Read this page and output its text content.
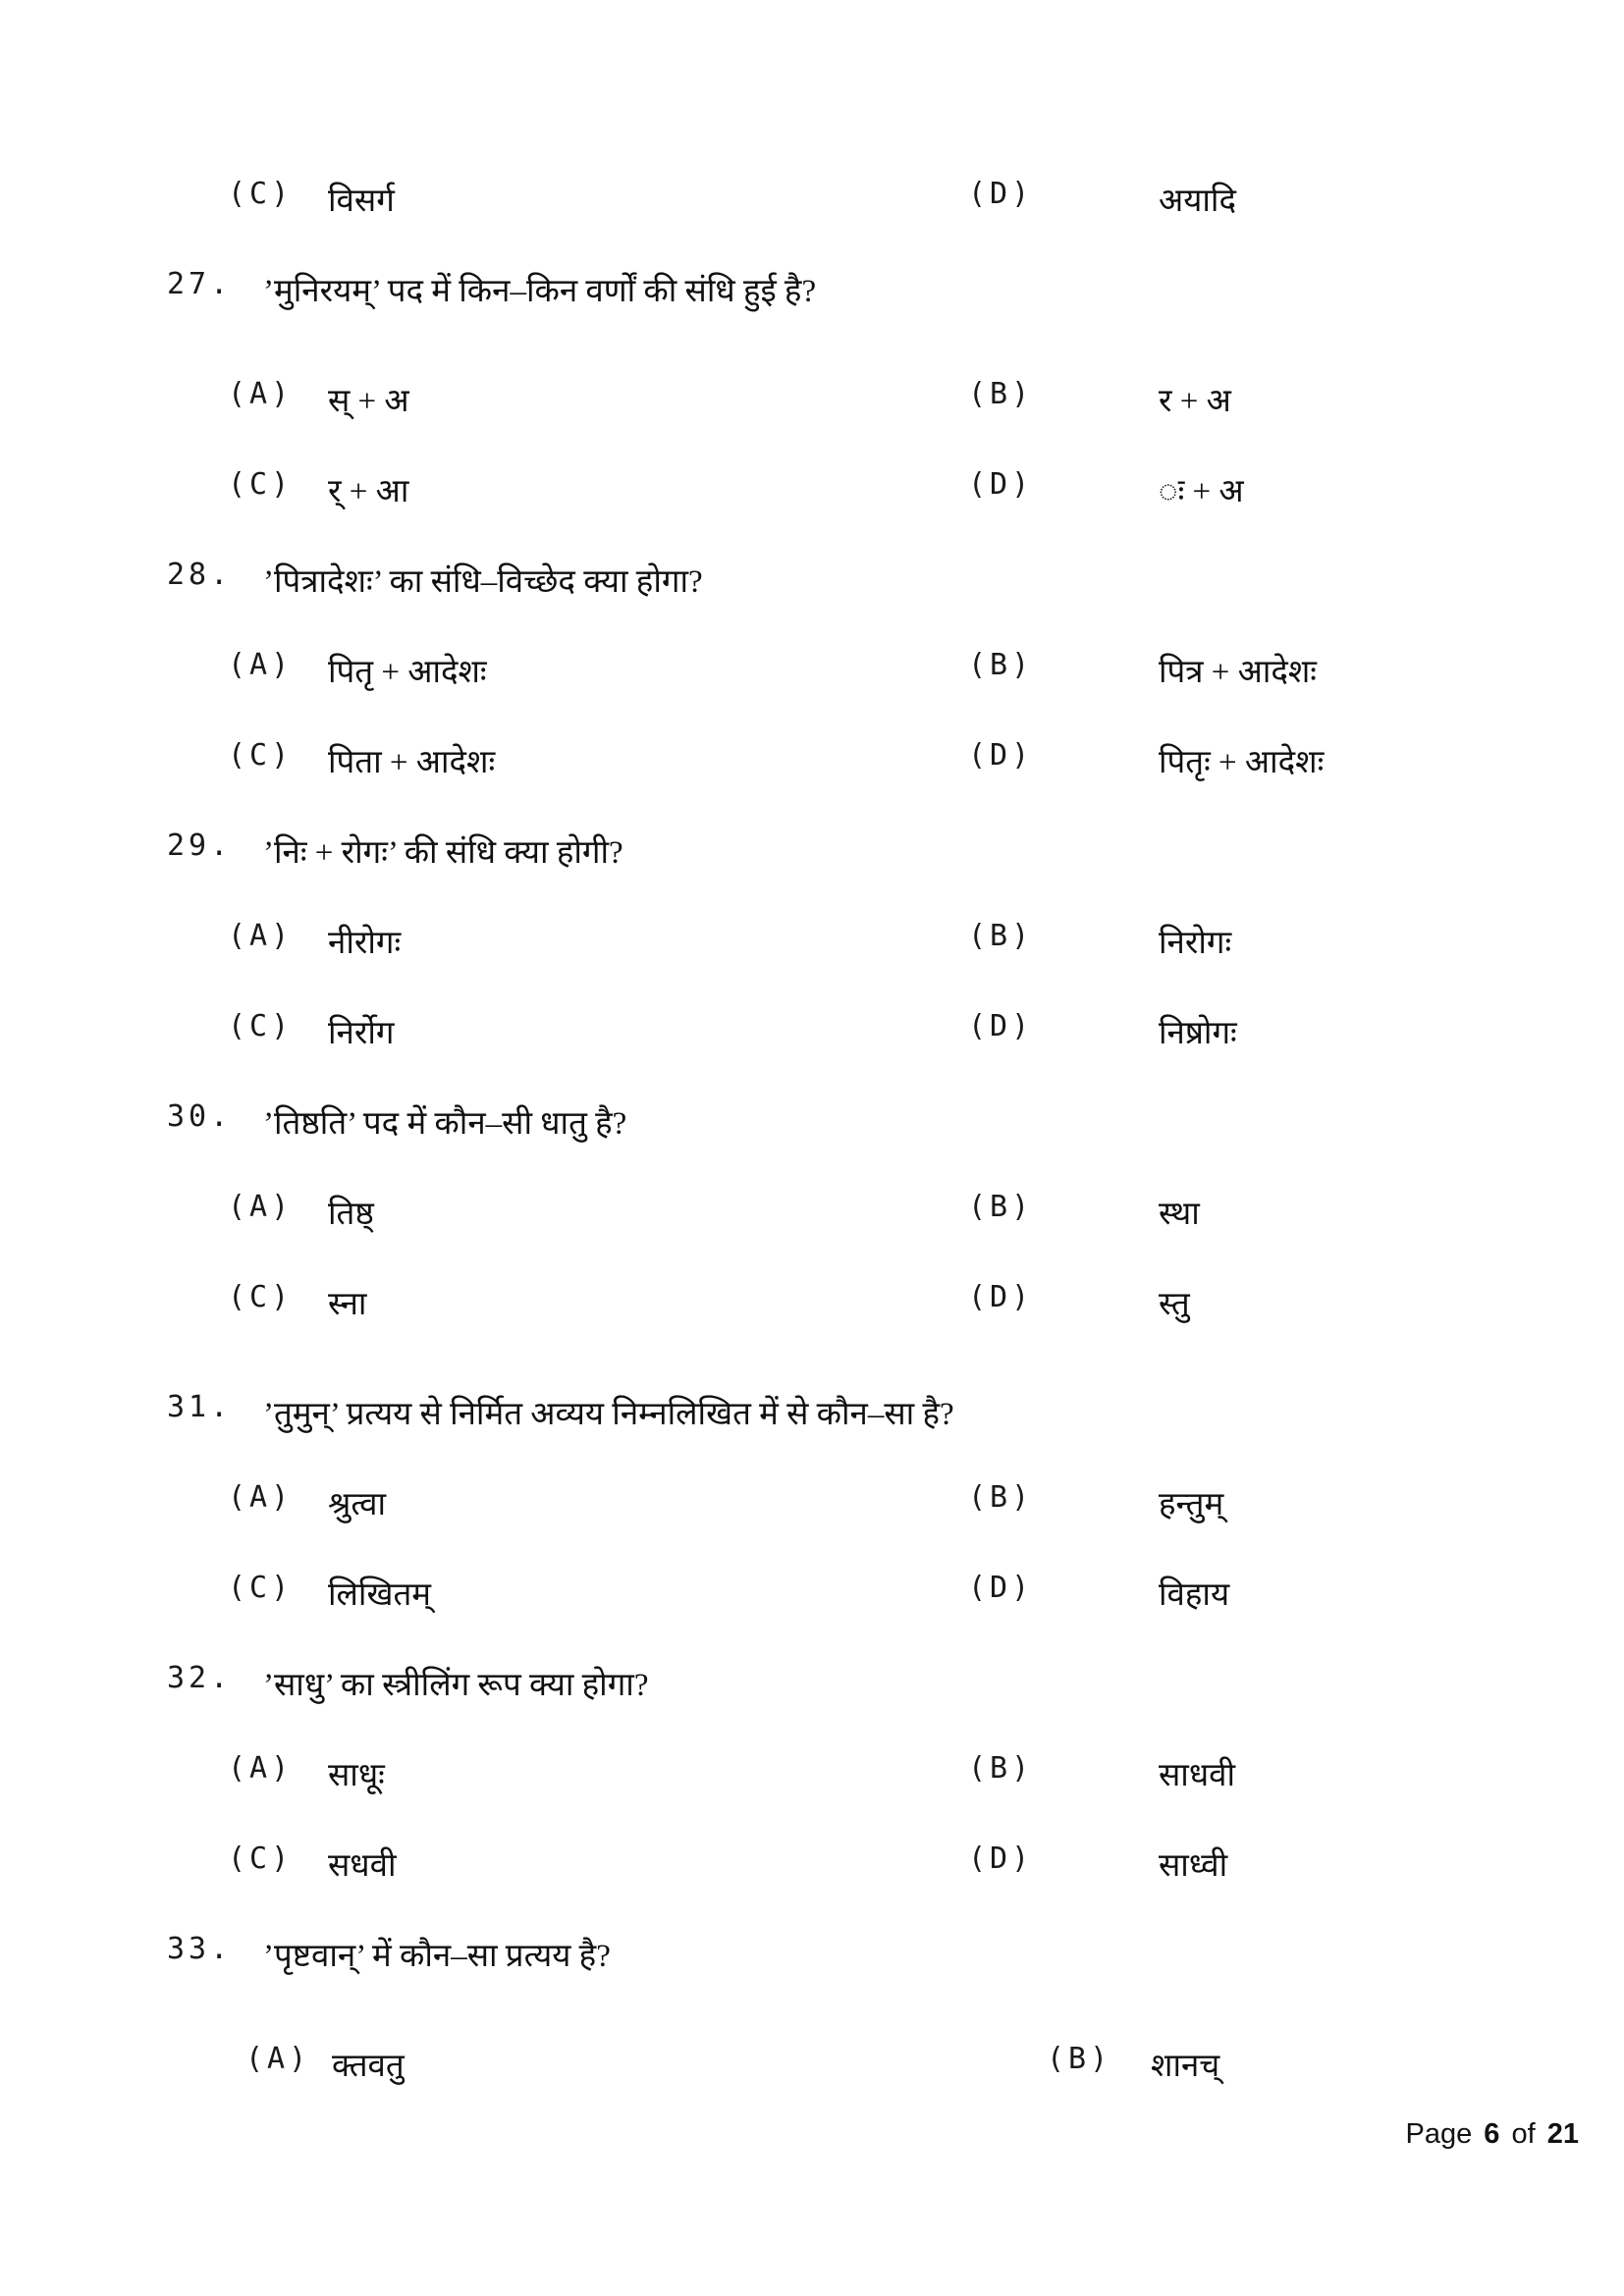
(C) विसर्ग	(D)	अयादि
27. ’मुनिरयम्’ पद में किन–किन वर्णों की संधि हुई है?
(A) स् + अ	(B)	र + अ
(C) र् + आ	(D)	ः + अ
28. ’पित्रादेशः’ का संधि–विच्छेद क्या होगा?
(A) पितृ + आदेशः	(B)	पित्र + आदेशः
(C) पिता + आदेशः	(D)	पितृः + आदेशः
29. ’निः + रोगः’ की संधि क्या होगी?
(A) नीरोगः	(B)	निरोगः
(C) निर्रोग	(D)	निष्रोगः
30. ’तिष्ठति’ पद में कौन–सी धातु है?
(A) तिष्ठ्	(B)	स्था
(C) स्ना	(D)	स्तु
31. ’तुमुन्’ प्रत्यय से निर्मित अव्यय निम्नलिखित में से कौन–सा है?
(A) श्रुत्वा	(B)	हन्तुम्
(C) लिखितम्	(D)	विहाय
32. ’साधु’ का स्त्रीलिंग रूप क्या होगा?
(A) साधूः	(B)	साधवी
(C) सधवी	(D)	साध्वी
33. ’पृष्टवान्’ में कौन–सा प्रत्यय है?
(A) क्तवतु	(B) शानच्
Page 6 of 21
